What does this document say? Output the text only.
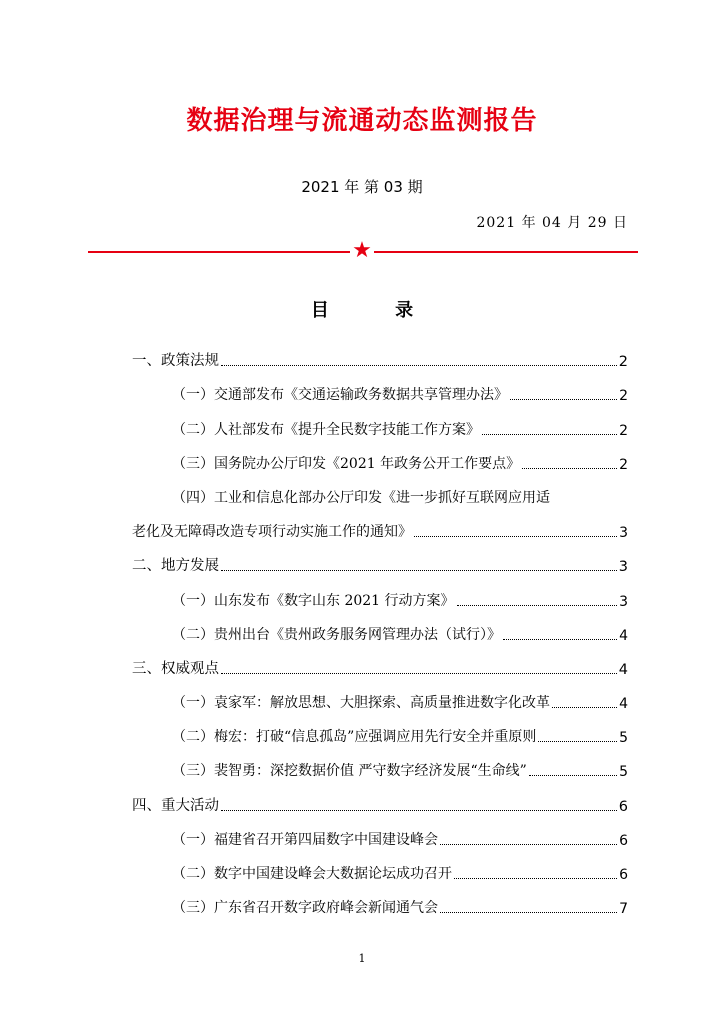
数据治理与流通动态监测报告
2021 年 第 03 期
2021 年 04 月 29 日
★
目 录
一、政策法规	2
（一）交通部发布《交通运输政务数据共享管理办法》	2
（二）人社部发布《提升全民数字技能工作方案》	2
（三）国务院办公厅印发《2021 年政务公开工作要点》	2
（四）工业和信息化部办公厅印发《进一步抓好互联网应用适
老化及无障碍改造专项行动实施工作的通知》	3
二、地方发展	3
（一）山东发布《数字山东 2021 行动方案》	3
（二）贵州出台《贵州政务服务网管理办法（试行）》	4
三、权威观点	4
（一）袁家军：解放思想、大胆探索、高质量推进数字化改革	4
（二）梅宏：打破“信息孤岛”应强调应用先行安全并重原则	5
（三）裴智勇：深挖数据价值 严守数字经济发展“生命线”	5
四、重大活动	6
（一）福建省召开第四届数字中国建设峰会	6
（二）数字中国建设峰会大数据论坛成功召开	6
（三）广东省召开数字政府峰会新闻通气会	7
1
